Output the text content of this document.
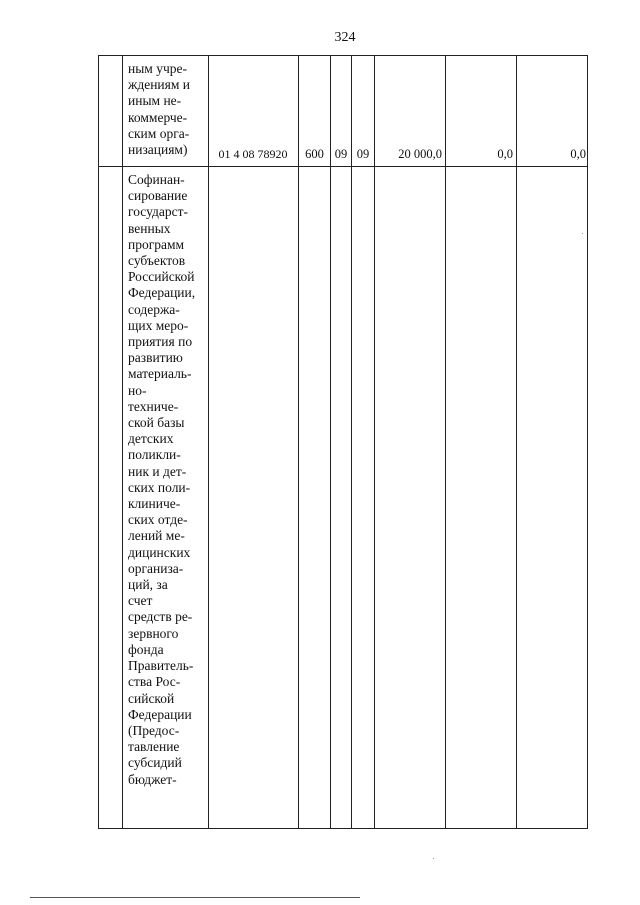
324
ным учре-
ждениям и
иным не-
коммерче-
ским орга-
низациям)	01 4 08 78920	600 09 09	20 000,0	0,0	0,0
Софинан-
сирование
государст-
венных
программ
субъектов
Российской
Федерации,
содержа-
щих меро-
приятия по
развитию
материаль-
но-
техниче-
ской базы
детских
поликли-
ник и дет-
ских поли-
клиниче-
ских отде-
лений ме-
дицинских
организа-
ций, за
счет
средств ре-
зервного
фонда
Правитель-
ства Рос-
сийской
Федерации
(Предос-
тавление
субсидий
бюджет-
